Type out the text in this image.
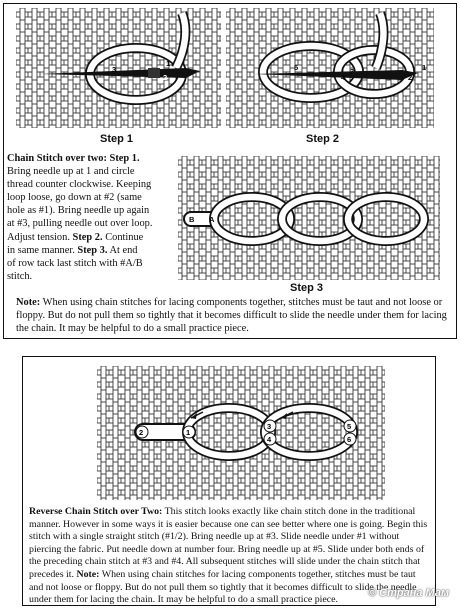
3
2
1
Step 1
5
4
3
2
1
Step 2
Chain Stitch over two: Step 1.
Bring needle up at 1 and circle
thread counter clockwise. Keeping
loop loose, go down at #2 (same
hole as #1). Bring needle up again
at #3, pulling needle out over loop.
Adjust tension. Step 2. Continue
in same manner. Step 3. At end
of row tack last stitch with #A/B
stitch.
B A
Step 3
Note: When using chain stitches for lacing components together, stitches must be taut and not loose or floppy. But do not pull them so tightly that it becomes difficult to slide the needle under them for lacing the chain. It may be helpful to do a small practice piece.
2	1
3
4
5
6
Reverse Chain Stitch over Two: This stitch looks exactly like chain stitch done in the traditional manner. However in some ways it is easier because one can see better where one is going. Begin this stitch with a single straight stitch (#1/2). Bring needle up at #3. Slide needle under #1 without piercing the fabric. Put needle down at number four. Bring needle up at #5. Slide under both ends of the preceding chain stitch at #3 and #4. All subsequent stitches will slide under the chain stitch that precedes it. Note: When using chain stitches for lacing components together, stitches must be taut and not loose or floppy. But do not pull them so tightly that it becomes difficult to slide the needle under them for lacing the chain. It may be helpful to do a small practice piece.
© Страна Мам
